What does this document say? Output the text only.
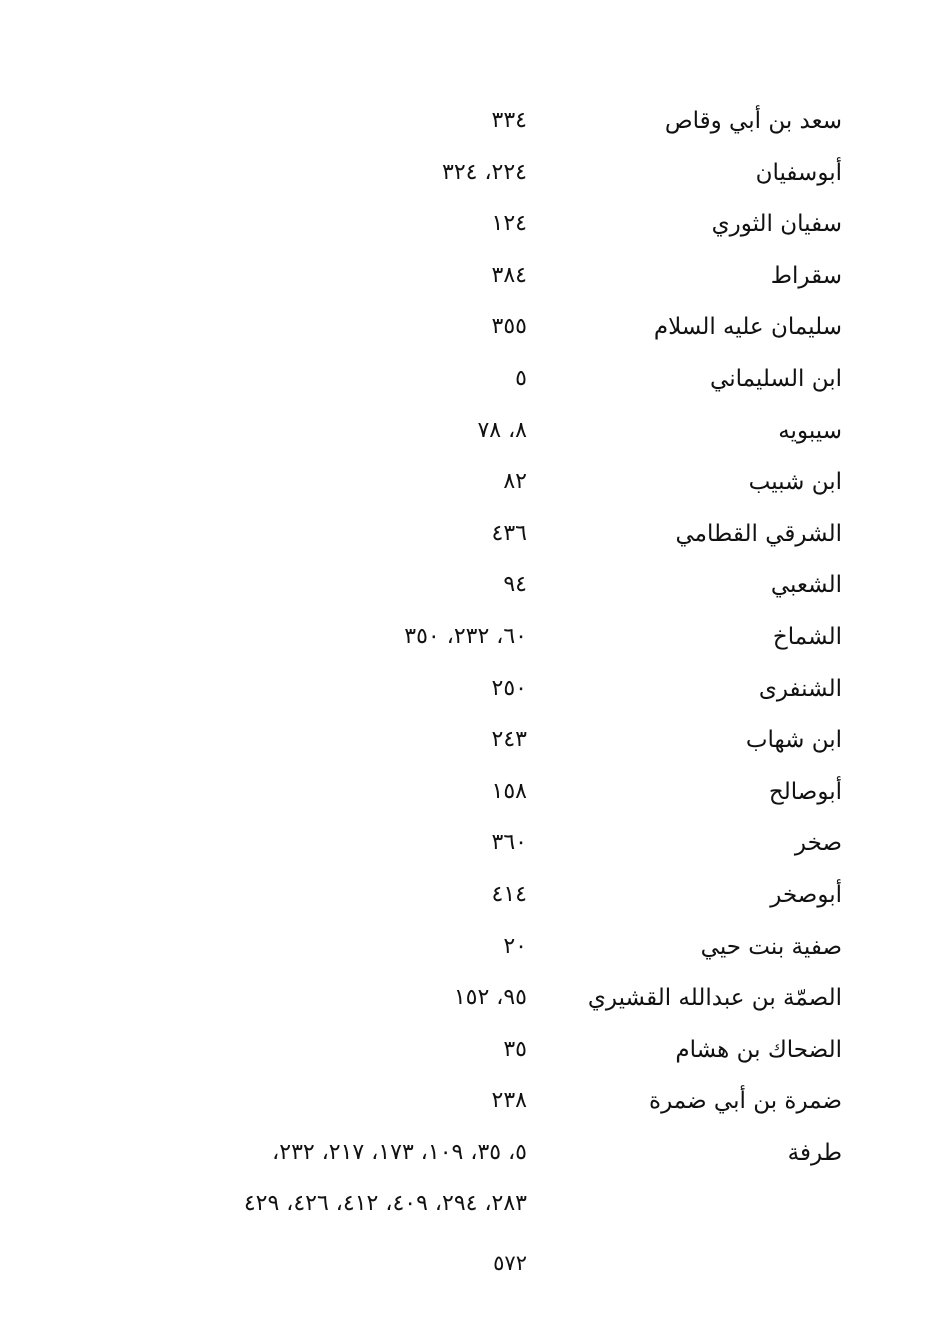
سعد بن أبي وقاص
٣٣٤
أبوسفيان
٢٢٤، ٣٢٤
سفيان الثوري
١٢٤
سقراط
٣٨٤
سليمان عليه السلام
٣٥٥
ابن السليماني
٥
سيبويه
٨، ٧٨
ابن شبيب
٨٢
الشرقي القطامي
٤٣٦
الشعبي
٩٤
الشماخ
٦٠، ٢٣٢، ٣٥٠
الشنفرى
٢٥٠
ابن شهاب
٢٤٣
أبوصالح
١٥٨
صخر
٣٦٠
أبوصخر
٤١٤
صفية بنت حيي
٢٠
الصمّة بن عبدالله القشيري
٩٥، ١٥٢
الضحاك بن هشام
٣٥
ضمرة بن أبي ضمرة
٢٣٨
طرفة
٥، ٣٥، ١٠٩، ١٧٣، ٢١٧، ٢٣٢،
٢٨٣، ٢٩٤، ٤٠٩، ٤١٢، ٤٢٦، ٤٢٩
٥٧٢
